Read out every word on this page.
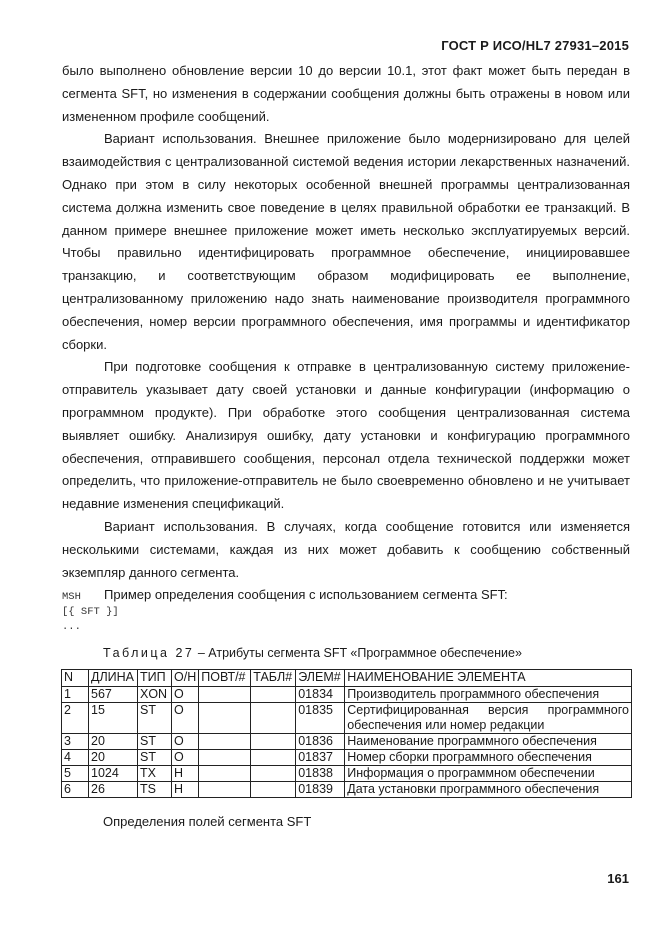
ГОСТ Р ИСО/HL7 27931–2015

было выполнено обновление версии 10 до версии 10.1, этот факт может быть передан в сегмента SFT, но изменения в содержании сообщения должны быть отражены в новом или измененном профиле сообщений.

Вариант использования. Внешнее приложение было модернизировано для целей взаимодействия с централизованной системой ведения истории лекарственных назначений. Однако при этом в силу некоторых особенной внешней программы централизованная система должна изменить свое поведение в целях правильной обработки ее транзакций. В данном примере внешнее приложение может иметь несколько эксплуатируемых версий. Чтобы правильно идентифицировать программное обеспечение, инициировавшее транзакцию, и соответствующим образом модифицировать ее выполнение, централизованному приложению надо знать наименование производителя программного обеспечения, номер версии программного обеспечения, имя программы и идентификатор сборки.

При подготовке сообщения к отправке в централизованную систему приложение-отправитель указывает дату своей установки и данные конфигурации (информацию о программном продукте). При обработке этого сообщения централизованная система выявляет ошибку. Анализируя ошибку, дату установки и конфигурацию программного обеспечения, отправившего сообщения, персонал отдела технической поддержки может определить, что приложение-отправитель не было своевременно обновлено и не учитывает недавние изменения спецификаций.

Вариант использования. В случаях, когда сообщение готовится или изменяется несколькими системами, каждая из них может добавить к сообщению собственный экземпляр данного сегмента.

Пример определения сообщения с использованием сегмента SFT:

MSH
[{ SFT }]
...
Таблица 27 – Атрибуты сегмента SFT «Программное обеспечение»
N	ДЛИНА	ТИП	О/Н	ПОВТ/#	ТАБЛ#	ЭЛЕМ#	НАИМЕНОВАНИЕ ЭЛЕМЕНТА
1	567	XON	O			01834	Производитель программного обеспечения
2	15	ST	O			01835	Сертифицированная версия программного обеспечения или номер редакции
3	20	ST	O			01836	Наименование программного обеспечения
4	20	ST	O			01837	Номер сборки программного обеспечения
5	1024	TX	Н			01838	Информация о программном обеспечении
6	26	TS	Н			01839	Дата установки программного обеспечения
Определения полей сегмента SFT
161
